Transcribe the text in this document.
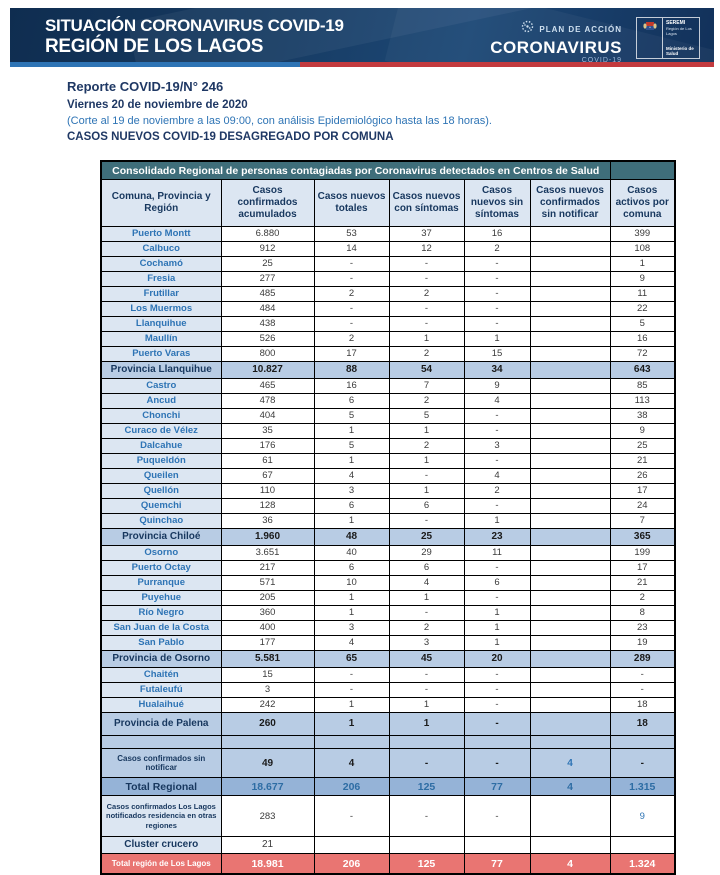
SITUACIÓN CORONAVIRUS COVID-19
REGIÓN DE LOS LAGOS
PLAN DE ACCIÓN
CORONAVIRUS
COVID-19
SEREMI
Región de Los Lagos
Ministerio de Salud

Reporte COVID-19/N° 246

Viernes 20 de noviembre de 2020

(Corte al 19 de noviembre a las 09:00, con análisis Epidemiológico hasta las 18 horas).

CASOS NUEVOS COVID-19 DESAGREGADO POR COMUNA

Consolidado Regional de personas contagiadas por Coronavirus detectados en Centros de Salud						
Comuna, Provincia y Región	Casos confirmados acumulados	Casos nuevos totales	Casos nuevos con síntomas	Casos nuevos sin síntomas	Casos nuevos confirmados sin notificar	Casos activos por comuna
Puerto Montt	6.880	53	37	16		399
Calbuco	912	14	12	2		108
Cochamó	25	-	-	-		1
Fresia	277	-	-	-		9
Frutillar	485	2	2	-		11
Los Muermos	484	-	-	-		22
Llanquihue	438	-	-	-		5
Maullín	526	2	1	1		16
Puerto Varas	800	17	2	15		72
Provincia Llanquihue	10.827	88	54	34		643
Castro	465	16	7	9		85
Ancud	478	6	2	4		113
Chonchi	404	5	5	-		38
Curaco de Vélez	35	1	1	-		9
Dalcahue	176	5	2	3		25
Puqueldón	61	1	1	-		21
Queilen	67	4	-	4		26
Quellón	110	3	1	2		17
Quemchi	128	6	6	-		24
Quinchao	36	1	-	1		7
Provincia Chiloé	1.960	48	25	23		365
Osorno	3.651	40	29	11		199
Puerto Octay	217	6	6	-		17
Purranque	571	10	4	6		21
Puyehue	205	1	1	-		2
Río Negro	360	1	-	1		8
San Juan de la Costa	400	3	2	1		23
San Pablo	177	4	3	1		19
Provincia de Osorno	5.581	65	45	20		289
Chaitén	15	-	-	-		-
Futaleufú	3	-	-	-		-
Hualaihué	242	1	1	-		18
Provincia de Palena	260	1	1	-		18

Casos confirmados sin notificar	49	4	-	-	4	-
Total Regional	18.677	206	125	77	4	1.315
Casos confirmados Los Lagos notificados residencia en otras regiones	283	-	-	-		9
Cluster crucero	21					
Total región de Los Lagos	18.981	206	125	77	4	1.324
